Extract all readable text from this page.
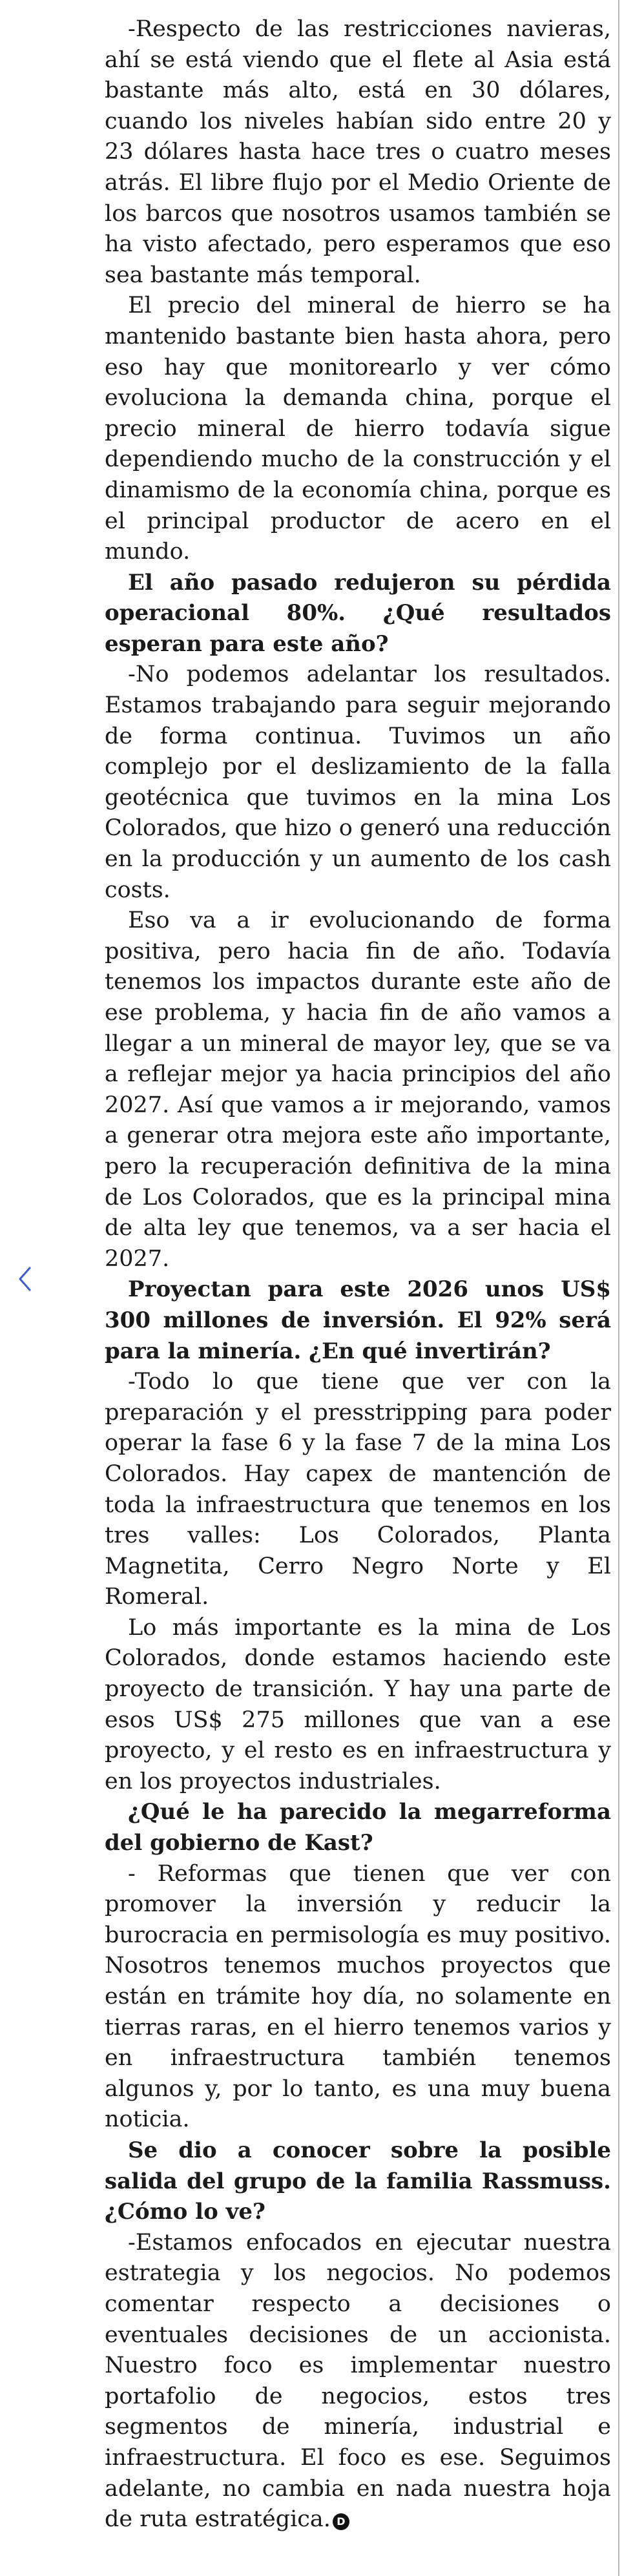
-Respecto de las restricciones navieras, ahí se está viendo que el flete al Asia está bastante más alto, está en 30 dólares, cuando los niveles habían sido entre 20 y 23 dólares hasta hace tres o cuatro meses atrás. El libre flujo por el Medio Oriente de los barcos que nosotros usamos también se ha visto afectado, pero esperamos que eso sea bastante más temporal.

El precio del mineral de hierro se ha mantenido bastante bien hasta ahora, pero eso hay que monitorearlo y ver cómo evoluciona la demanda china, porque el precio mineral de hierro todavía sigue dependiendo mucho de la construcción y el dinamismo de la economía china, porque es el principal productor de acero en el mundo.

El año pasado redujeron su pérdida operacional 80%. ¿Qué resultados esperan para este año?

-No podemos adelantar los resultados. Estamos trabajando para seguir mejorando de forma continua. Tuvimos un año complejo por el deslizamiento de la falla geotécnica que tuvimos en la mina Los Colorados, que hizo o generó una reducción en la producción y un aumento de los cash costs.

Eso va a ir evolucionando de forma positiva, pero hacia fin de año. Todavía tenemos los impactos durante este año de ese problema, y hacia fin de año vamos a llegar a un mineral de mayor ley, que se va a reflejar mejor ya hacia principios del año 2027. Así que vamos a ir mejorando, vamos a generar otra mejora este año importante, pero la recuperación definitiva de la mina de Los Colorados, que es la principal mina de alta ley que tenemos, va a ser hacia el 2027.

Proyectan para este 2026 unos US$ 300 millones de inversión. El 92% será para la minería. ¿En qué invertirán?

-Todo lo que tiene que ver con la preparación y el presstripping para poder operar la fase 6 y la fase 7 de la mina Los Colorados. Hay capex de mantención de toda la infraestructura que tenemos en los tres valles: Los Colorados, Planta Magnetita, Cerro Negro Norte y El Romeral.

Lo más importante es la mina de Los Colorados, donde estamos haciendo este proyecto de transición. Y hay una parte de esos US$ 275 millones que van a ese proyecto, y el resto es en infraestructura y en los proyectos industriales.

¿Qué le ha parecido la megarreforma del gobierno de Kast?

- Reformas que tienen que ver con promover la inversión y reducir la burocracia en permisología es muy positivo. Nosotros tenemos muchos proyectos que están en trámite hoy día, no solamente en tierras raras, en el hierro tenemos varios y en infraestructura también tenemos algunos y, por lo tanto, es una muy buena noticia.

Se dio a conocer sobre la posible salida del grupo de la familia Rassmuss. ¿Cómo lo ve?

-Estamos enfocados en ejecutar nuestra estrategia y los negocios. No podemos comentar respecto a decisiones o eventuales decisiones de un accionista. Nuestro foco es implementar nuestro portafolio de negocios, estos tres segmentos de minería, industrial e infraestructura. El foco es ese. Seguimos adelante, no cambia en nada nuestra hoja de ruta estratégica. D
